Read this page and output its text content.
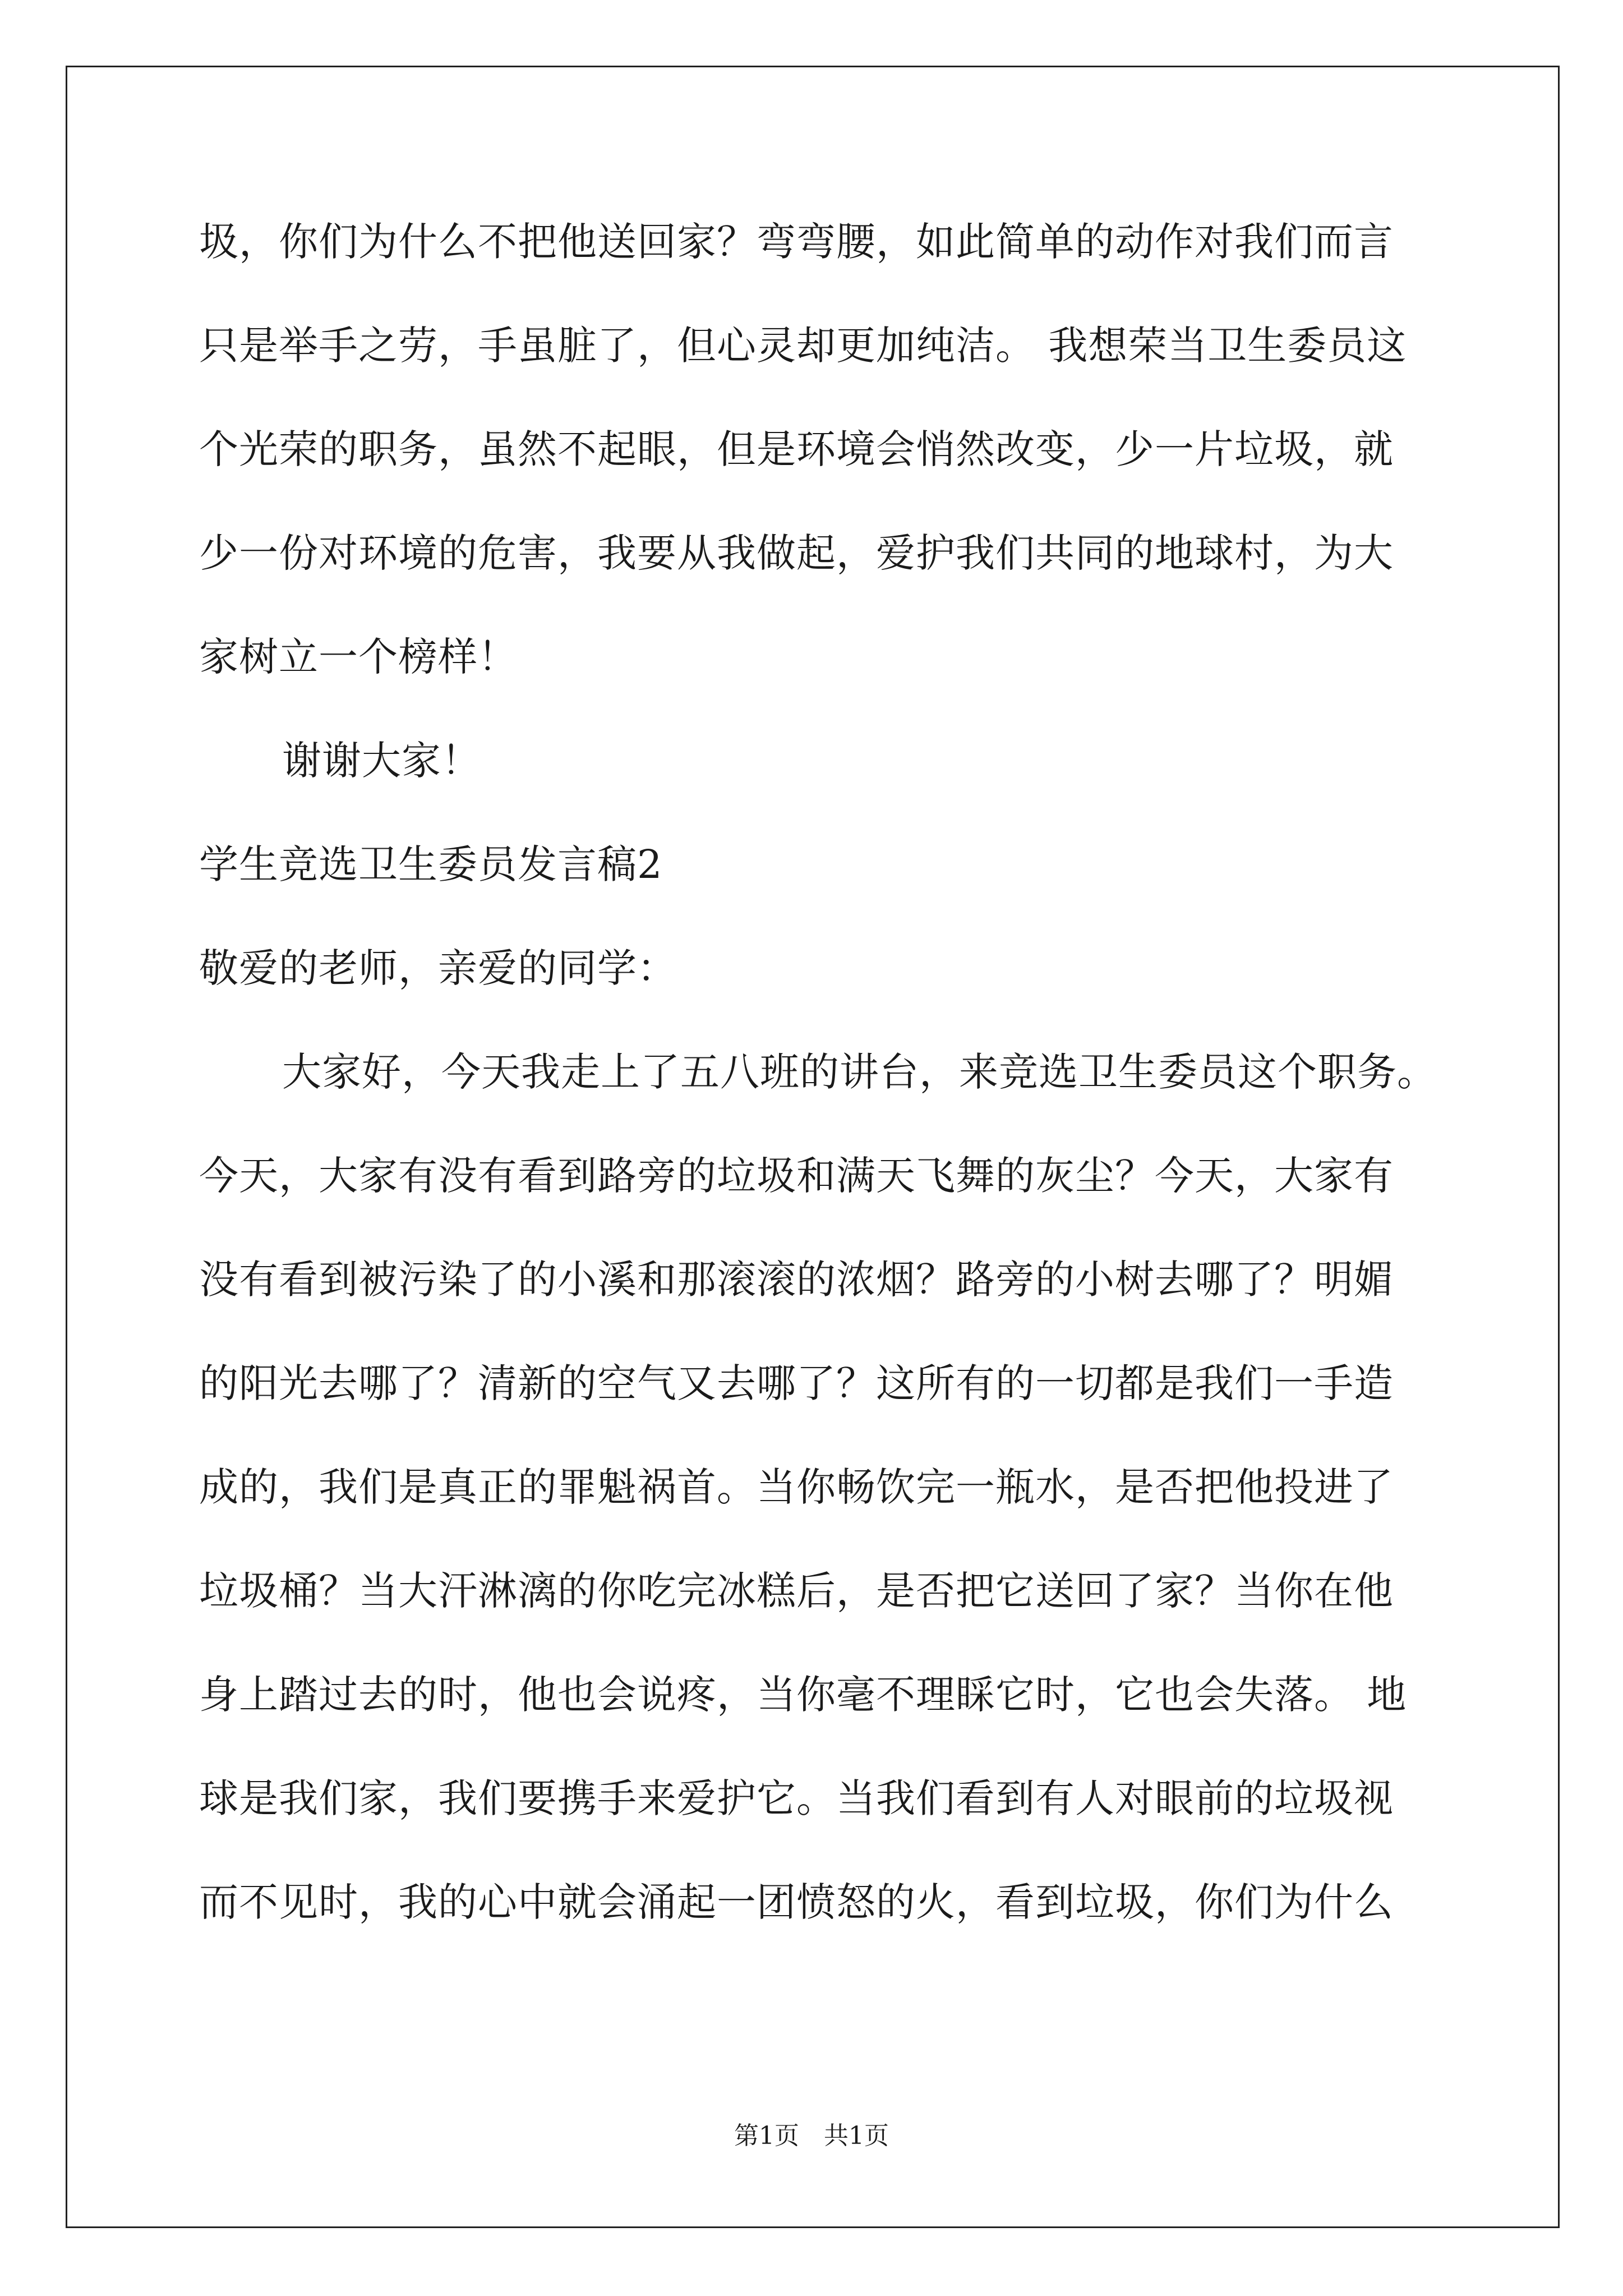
圾，你们为什么不把他送回家？弯弯腰，如此简单的动作对我们而言
只是举手之劳，手虽脏了，但心灵却更加纯洁。 我想荣当卫生委员这
个光荣的职务，虽然不起眼，但是环境会悄然改变，少一片垃圾，就
少一份对环境的危害，我要从我做起，爱护我们共同的地球村，为大
家树立一个榜样！
谢谢大家！
学生竞选卫生委员发言稿2
敬爱的老师，亲爱的同学：
大家好，今天我走上了五八班的讲台，来竞选卫生委员这个职务。
今天，大家有没有看到路旁的垃圾和满天飞舞的灰尘？今天，大家有
没有看到被污染了的小溪和那滚滚的浓烟？路旁的小树去哪了？明媚
的阳光去哪了？清新的空气又去哪了？这所有的一切都是我们一手造
成的，我们是真正的罪魁祸首。当你畅饮完一瓶水，是否把他投进了
垃圾桶？当大汗淋漓的你吃完冰糕后，是否把它送回了家？当你在他
身上踏过去的时，他也会说疼，当你毫不理睬它时，它也会失落。 地
球是我们家，我们要携手来爱护它。当我们看到有人对眼前的垃圾视
而不见时，我的心中就会涌起一团愤怒的火，看到垃圾，你们为什么
第1页　共1页
